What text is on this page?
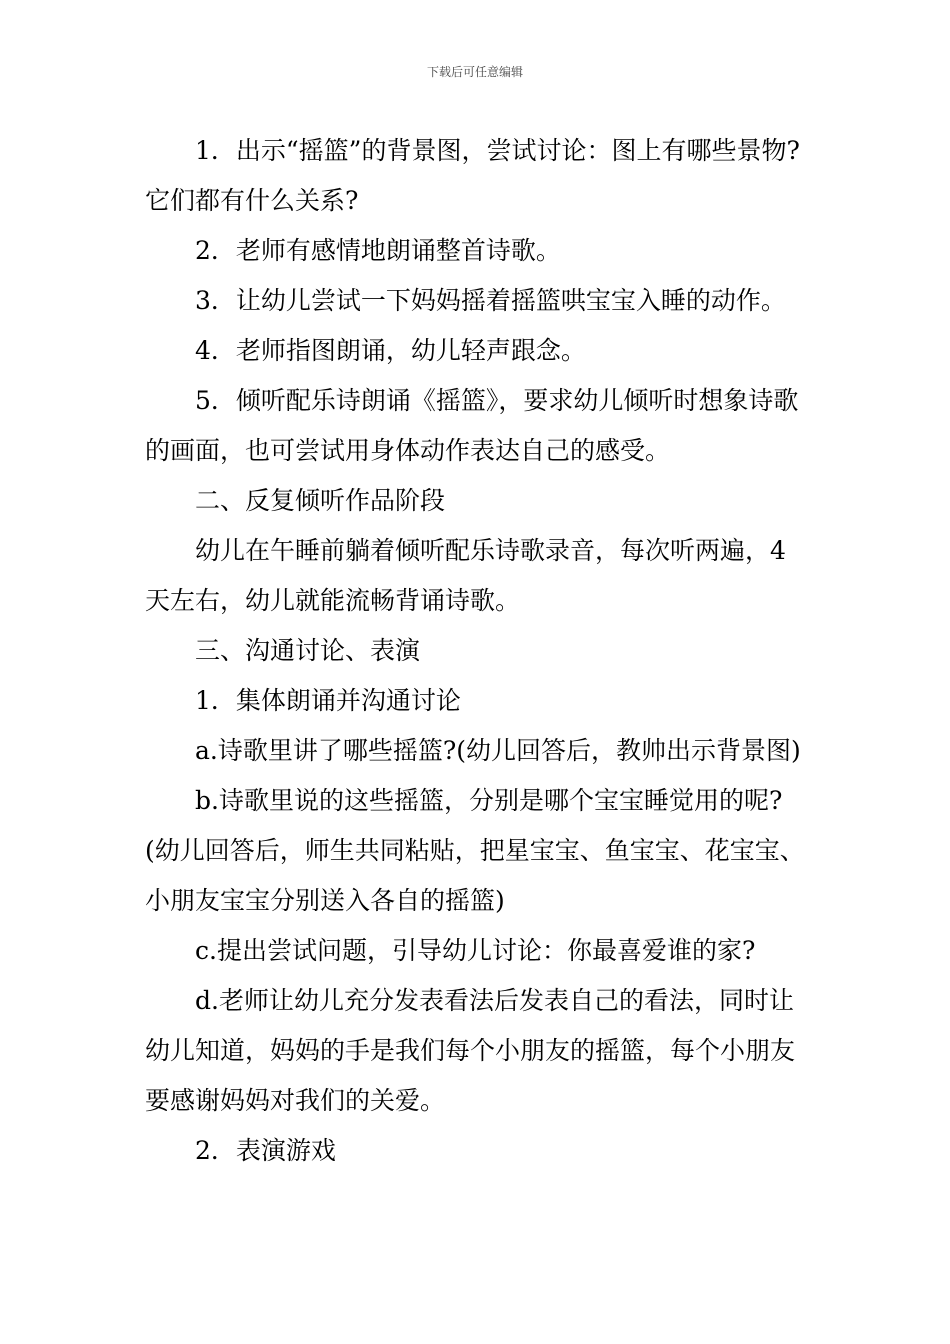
下载后可任意编辑

1．出示“摇篮”的背景图，尝试讨论：图上有哪些景物?它们都有什么关系?

2．老师有感情地朗诵整首诗歌。

3．让幼儿尝试一下妈妈摇着摇篮哄宝宝入睡的动作。

4．老师指图朗诵，幼儿轻声跟念。

5．倾听配乐诗朗诵《摇篮》，要求幼儿倾听时想象诗歌的画面，也可尝试用身体动作表达自己的感受。

二、反复倾听作品阶段

幼儿在午睡前躺着倾听配乐诗歌录音，每次听两遍，4天左右，幼儿就能流畅背诵诗歌。

三、沟通讨论、表演

1．集体朗诵并沟通讨论

a.诗歌里讲了哪些摇篮?(幼儿回答后，教帅出示背景图)

b.诗歌里说的这些摇篮，分别是哪个宝宝睡觉用的呢?(幼儿回答后，师生共同粘贴，把星宝宝、鱼宝宝、花宝宝、小朋友宝宝分别送入各自的摇篮)

c.提出尝试问题，引导幼儿讨论：你最喜爱谁的家?

d.老师让幼儿充分发表看法后发表自己的看法，同时让幼儿知道，妈妈的手是我们每个小朋友的摇篮，每个小朋友要感谢妈妈对我们的关爱。

2．表演游戏
